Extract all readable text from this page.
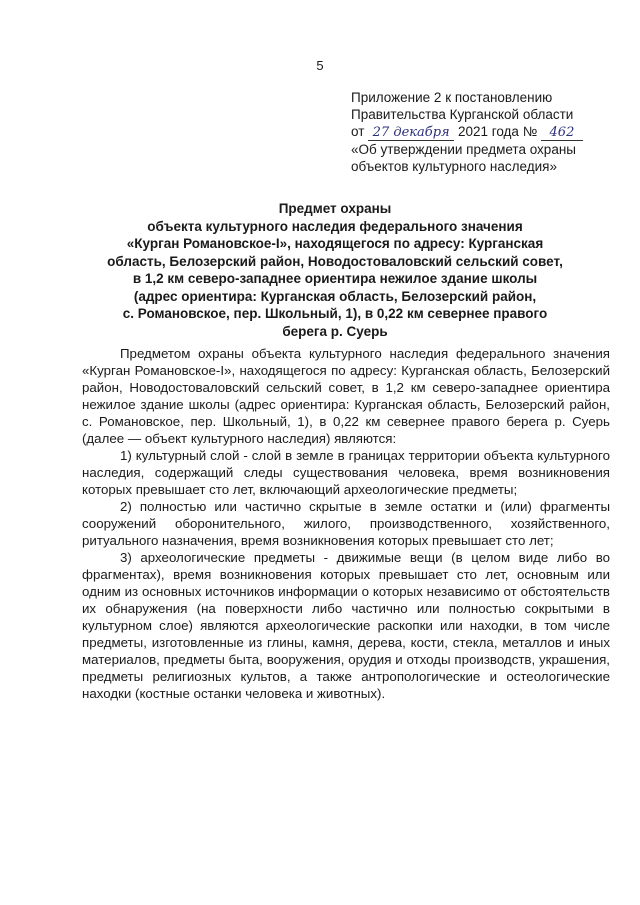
5
Приложение 2 к постановлению
Правительства Курганской области
от 27 декабря 2021 года № 462
«Об утверждении предмета охраны
объектов культурного наследия»
Предмет охраны
объекта культурного наследия федерального значения
«Курган Романовское-I», находящегося по адресу: Курганская
область, Белозерский район, Новодостоваловский сельский совет,
в 1,2 км северо-западнее ориентира нежилое здание школы
(адрес ориентира: Курганская область, Белозерский район,
с. Романовское, пер. Школьный, 1), в 0,22 км севернее правого
берега р. Суерь

Предметом охраны объекта культурного наследия федерального значения «Курган Романовское-I», находящегося по адресу: Курганская область, Белозерский район, Новодостоваловский сельский совет, в 1,2 км северо-западнее ориентира нежилое здание школы (адрес ориентира: Курганская область, Белозерский район, с. Романовское, пер. Школьный, 1), в 0,22 км севернее правого берега р. Суерь (далее — объект культурного наследия) являются:

1) культурный слой - слой в земле в границах территории объекта культурного наследия, содержащий следы существования человека, время возникновения которых превышает сто лет, включающий археологические предметы;

2) полностью или частично скрытые в земле остатки и (или) фрагменты сооружений оборонительного, жилого, производственного, хозяйственного, ритуального назначения, время возникновения которых превышает сто лет;

3) археологические предметы - движимые вещи (в целом виде либо во фрагментах), время возникновения которых превышает сто лет, основным или одним из основных источников информации о которых независимо от обстоятельств их обнаружения (на поверхности либо частично или полностью сокрытыми в культурном слое) являются археологические раскопки или находки, в том числе предметы, изготовленные из глины, камня, дерева, кости, стекла, металлов и иных материалов, предметы быта, вооружения, орудия и отходы производств, украшения, предметы религиозных культов, а также антропологические и остеологические находки (костные останки человека и животных).
